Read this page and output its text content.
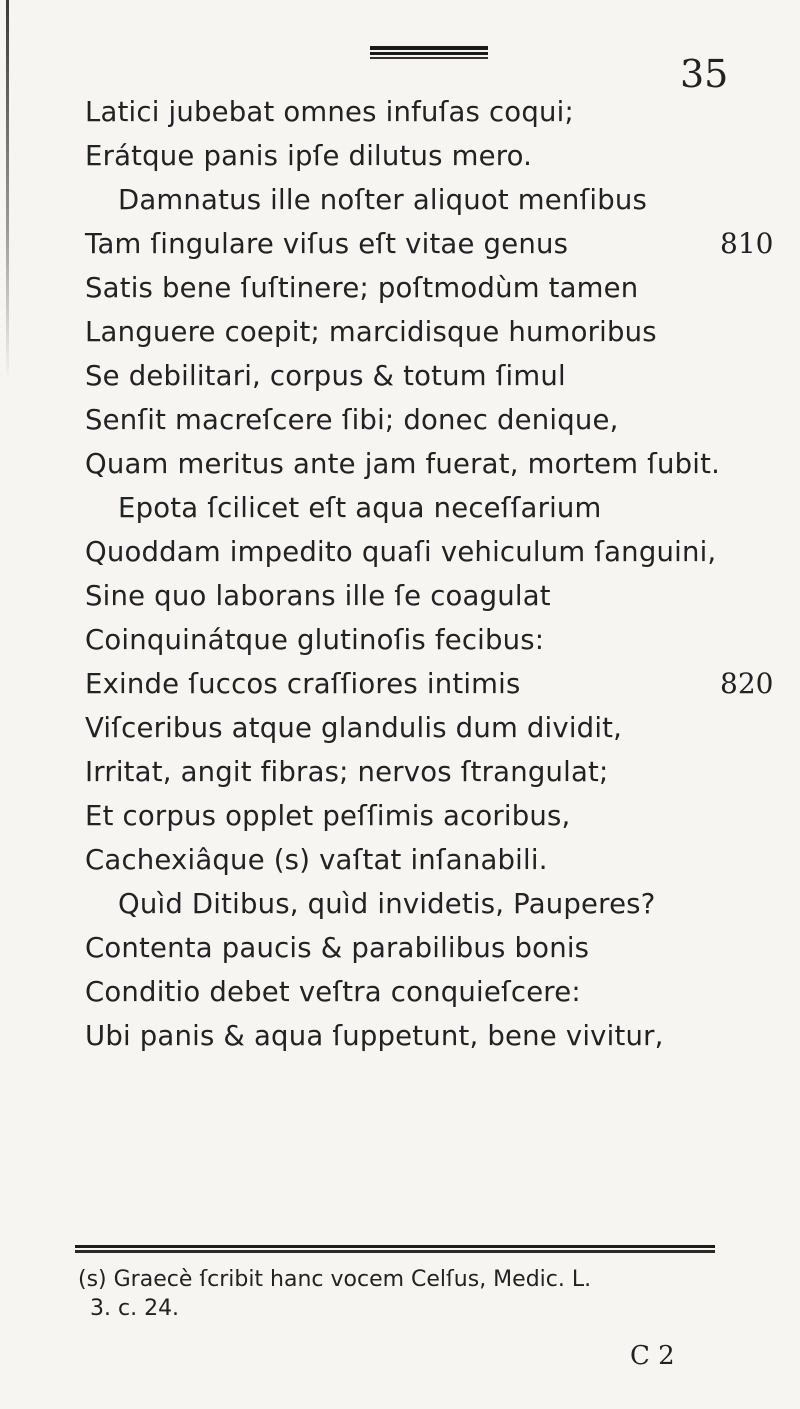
35
Latici jubebat omnes infuſas coqui;
Erátque panis ipſe dilutus mero.
Damnatus ille noſter aliquot menſibus
Tam ſingulare viſus eſt vitae genus	810
Satis bene ſuſtinere; poſtmodùm tamen
Languere coepit; marcidisque humoribus
Se debilitari, corpus & totum ſimul
Senſit macreſcere ſibi; donec denique,
Quam meritus ante jam fuerat, mortem ſubit.
Epota ſcilicet eſt aqua neceſſarium
Quoddam impedito quaſi vehiculum ſanguini,
Sine quo laborans ille ſe coagulat
Coinquinátque glutinoſis fecibus:
Exinde ſuccos craſſiores intimis	820
Viſceribus atque glandulis dum dividit,
Irritat, angit fibras; nervos ſtrangulat;
Et corpus opplet peſſimis acoribus,
Cachexiâque (s) vaſtat inſanabili.
Quìd Ditibus, quìd invidetis, Pauperes?
Contenta paucis & parabilibus bonis
Conditio debet veſtra conquieſcere:
Ubi panis & aqua ſuppetunt, bene vivitur,
(s) Graecè ſcribit hanc vocem Celſus, Medic. L.
3. c. 24.
C 2
